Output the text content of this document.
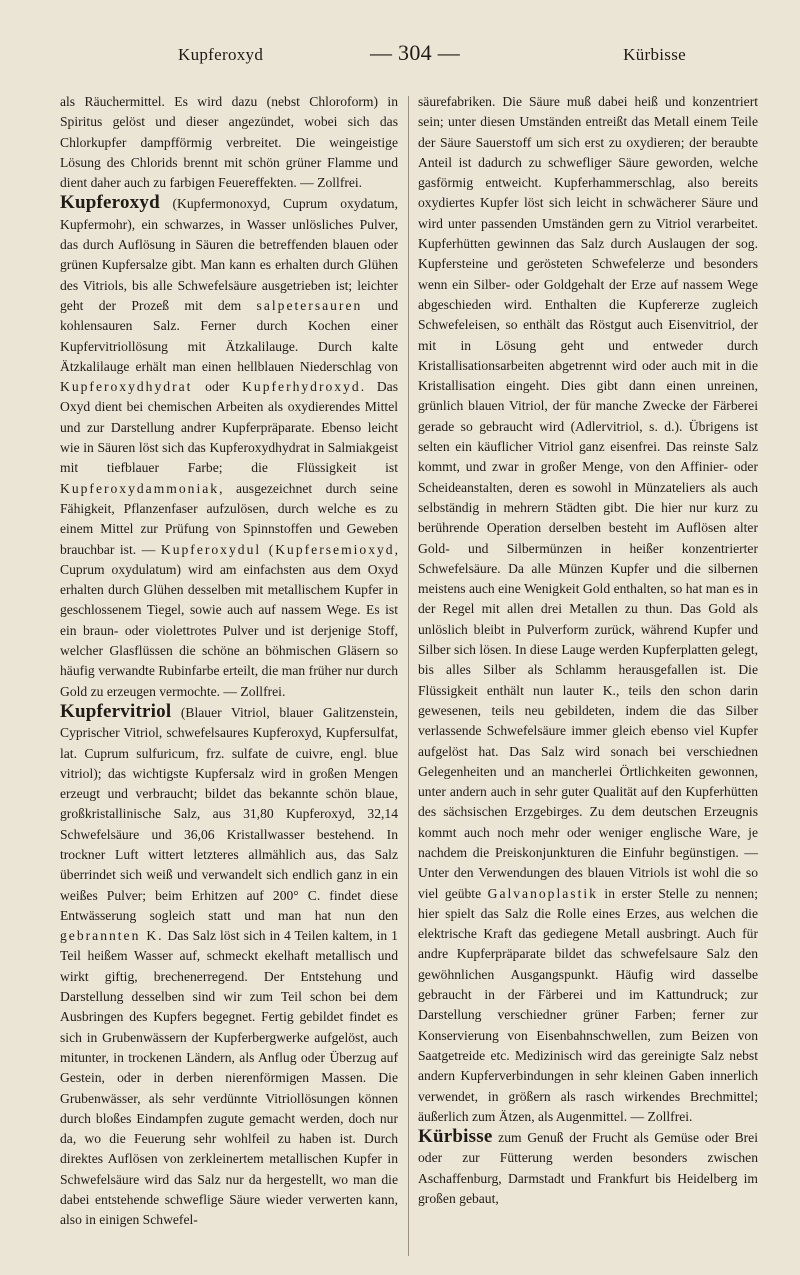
Kupferoxyd	— 304 —	Kürbisse

als Räuchermittel. Es wird dazu (nebst Chloroform) in Spiritus gelöst und dieser angezündet, wobei sich das Chlorkupfer dampfförmig verbreitet. Die weingeistige Lösung des Chlorids brennt mit schön grüner Flamme und dient daher auch zu farbigen Feuereffekten. — Zollfrei.

Kupferoxyd (Kupfermonoxyd, Cuprum oxydatum, Kupfermohr), ein schwarzes, in Wasser unlösliches Pulver, das durch Auflösung in Säuren die betreffenden blauen oder grünen Kupfersalze gibt. Man kann es erhalten durch Glühen des Vitriols, bis alle Schwefelsäure ausgetrieben ist; leichter geht der Prozeß mit dem salpetersauren und kohlensauren Salz. Ferner durch Kochen einer Kupfervitriollösung mit Ätzkalilauge. Durch kalte Ätzkalilauge erhält man einen hellblauen Niederschlag von Kupferoxydhydrat oder Kupferhydroxyd. Das Oxyd dient bei chemischen Arbeiten als oxydierendes Mittel und zur Darstellung andrer Kupferpräparate. Ebenso leicht wie in Säuren löst sich das Kupferoxydhydrat in Salmiakgeist mit tiefblauer Farbe; die Flüssigkeit ist Kupferoxydammoniak, ausgezeichnet durch seine Fähigkeit, Pflanzenfaser aufzulösen, durch welche es zu einem Mittel zur Prüfung von Spinnstoffen und Geweben brauchbar ist. — Kupferoxydul (Kupfersemioxyd, Cuprum oxydulatum) wird am einfachsten aus dem Oxyd erhalten durch Glühen desselben mit metallischem Kupfer in geschlossenem Tiegel, sowie auch auf nassem Wege. Es ist ein braun- oder violettrotes Pulver und ist derjenige Stoff, welcher Glasflüssen die schöne an böhmischen Gläsern so häufig verwandte Rubinfarbe erteilt, die man früher nur durch Gold zu erzeugen vermochte. — Zollfrei.

Kupfervitriol (Blauer Vitriol, blauer Galitzenstein, Cyprischer Vitriol, schwefelsaures Kupferoxyd, Kupfersulfat, lat. Cuprum sulfuricum, frz. sulfate de cuivre, engl. blue vitriol); das wichtigste Kupfersalz wird in großen Mengen erzeugt und verbraucht; bildet das bekannte schön blaue, großkristallinische Salz, aus 31,80 Kupferoxyd, 32,14 Schwefelsäure und 36,06 Kristallwasser bestehend. In trockner Luft wittert letzteres allmählich aus, das Salz überrindet sich weiß und verwandelt sich endlich ganz in ein weißes Pulver; beim Erhitzen auf 200° C. findet diese Entwässerung sogleich statt und man hat nun den gebrannten K. Das Salz löst sich in 4 Teilen kaltem, in 1 Teil heißem Wasser auf, schmeckt ekelhaft metallisch und wirkt giftig, brechenerregend. Der Entstehung und Darstellung desselben sind wir zum Teil schon bei dem Ausbringen des Kupfers begegnet. Fertig gebildet findet es sich in Grubenwässern der Kupferbergwerke aufgelöst, auch mitunter, in trockenen Ländern, als Anflug oder Überzug auf Gestein, oder in derben nierenförmigen Massen. Die Grubenwässer, als sehr verdünnte Vitriollösungen können durch bloßes Eindampfen zugute gemacht werden, doch nur da, wo die Feuerung sehr wohlfeil zu haben ist. Durch direktes Auflösen von zerkleinertem metallischen Kupfer in Schwefelsäure wird das Salz nur da hergestellt, wo man die dabei entstehende schweflige Säure wieder verwerten kann, also in einigen Schwefel-

säurefabriken. Die Säure muß dabei heiß und konzentriert sein; unter diesen Umständen entreißt das Metall einem Teile der Säure Sauerstoff um sich erst zu oxydieren; der beraubte Anteil ist dadurch zu schwefliger Säure geworden, welche gasförmig entweicht. Kupferhammerschlag, also bereits oxydiertes Kupfer löst sich leicht in schwächerer Säure und wird unter passenden Umständen gern zu Vitriol verarbeitet. Kupferhütten gewinnen das Salz durch Auslaugen der sog. Kupfersteine und gerösteten Schwefelerze und besonders wenn ein Silber- oder Goldgehalt der Erze auf nassem Wege abgeschieden wird. Enthalten die Kupfererze zugleich Schwefeleisen, so enthält das Röstgut auch Eisenvitriol, der mit in Lösung geht und entweder durch Kristallisationsarbeiten abgetrennt wird oder auch mit in die Kristallisation eingeht. Dies gibt dann einen unreinen, grünlich blauen Vitriol, der für manche Zwecke der Färberei gerade so gebraucht wird (Adlervitriol, s. d.). Übrigens ist selten ein käuflicher Vitriol ganz eisenfrei. Das reinste Salz kommt, und zwar in großer Menge, von den Affinier- oder Scheideanstalten, deren es sowohl in Münzateliers als auch selbständig in mehrern Städten gibt. Die hier nur kurz zu berührende Operation derselben besteht im Auflösen alter Gold- und Silbermünzen in heißer konzentrierter Schwefelsäure. Da alle Münzen Kupfer und die silbernen meistens auch eine Wenigkeit Gold enthalten, so hat man es in der Regel mit allen drei Metallen zu thun. Das Gold als unlöslich bleibt in Pulverform zurück, während Kupfer und Silber sich lösen. In diese Lauge werden Kupferplatten gelegt, bis alles Silber als Schlamm herausgefallen ist. Die Flüssigkeit enthält nun lauter K., teils den schon darin gewesenen, teils neu gebildeten, indem die das Silber verlassende Schwefelsäure immer gleich ebenso viel Kupfer aufgelöst hat. Das Salz wird sonach bei verschiednen Gelegenheiten und an mancherlei Örtlichkeiten gewonnen, unter andern auch in sehr guter Qualität auf den Kupferhütten des sächsischen Erzgebirges. Zu dem deutschen Erzeugnis kommt auch noch mehr oder weniger englische Ware, je nachdem die Preiskonjunkturen die Einfuhr begünstigen. — Unter den Verwendungen des blauen Vitriols ist wohl die so viel geübte Galvanoplastik in erster Stelle zu nennen; hier spielt das Salz die Rolle eines Erzes, aus welchen die elektrische Kraft das gediegene Metall ausbringt. Auch für andre Kupferpräparate bildet das schwefelsaure Salz den gewöhnlichen Ausgangspunkt. Häufig wird dasselbe gebraucht in der Färberei und im Kattundruck; zur Darstellung verschiedner grüner Farben; ferner zur Konservierung von Eisenbahnschwellen, zum Beizen von Saatgetreide etc. Medizinisch wird das gereinigte Salz nebst andern Kupferverbindungen in sehr kleinen Gaben innerlich verwendet, in größern als rasch wirkendes Brechmittel; äußerlich zum Ätzen, als Augenmittel. — Zollfrei.

Kürbisse zum Genuß der Frucht als Gemüse oder Brei oder zur Fütterung werden besonders zwischen Aschaffenburg, Darmstadt und Frankfurt bis Heidelberg im großen gebaut,
